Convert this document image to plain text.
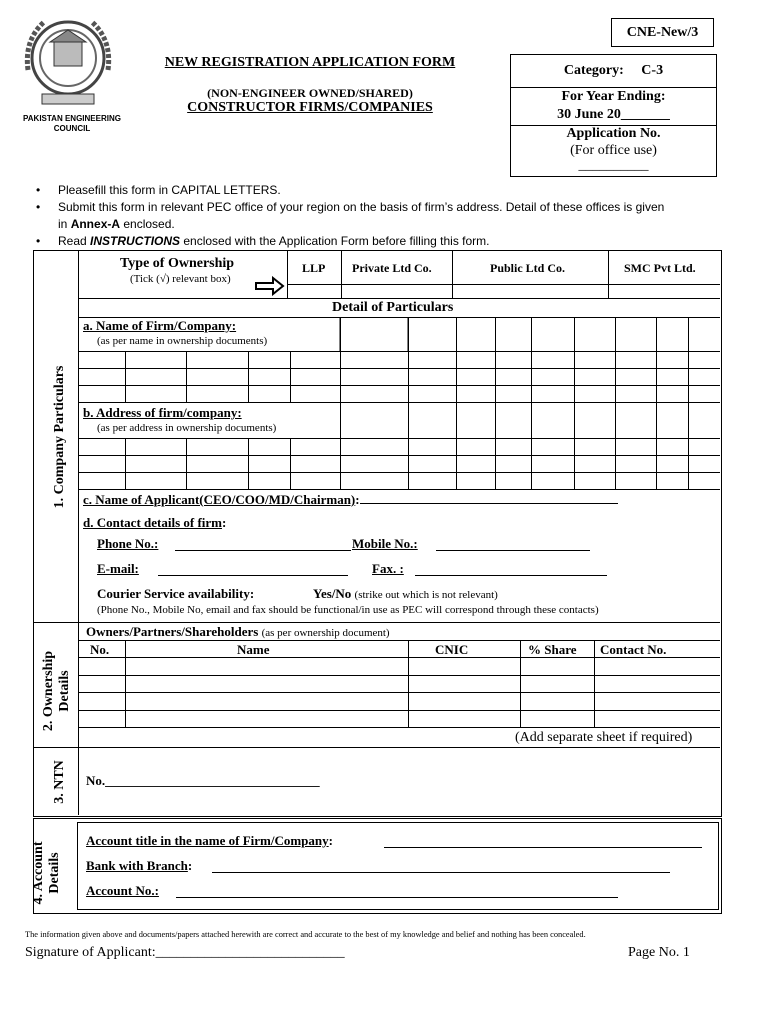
PAKISTAN ENGINEERING COUNCIL
CNE-New/3
NEW REGISTRATION APPLICATION FORM
(NON-ENGINEER OWNED/SHARED)
CONSTRUCTOR FIRMS/COMPANIES
Category: C-3
For Year Ending:
30 June 20_______
Application No.
(For office use)
__________
• Pleasefill this form in CAPITAL LETTERS.
• Submit this form in relevant PEC office of your region on the basis of firm’s address. Detail of these offices is given
in Annex-A enclosed.
• Read INSTRUCTIONS enclosed with the Application Form before filling this form.
1. Company Particulars
2. Ownership Details
3. NTN
4. Account Details
Type of Ownership
(Tick (√) relevant box)
LLP Private Ltd Co.	Public Ltd Co.	SMC Pvt Ltd.
Detail of Particulars
a. Name of Firm/Company:
(as per name in ownership documents)
b. Address of firm/company:
(as per address in ownership documents)
c. Name of Applicant(CEO/COO/MD/Chairman):
d. Contact details of firm:
Phone No.:	Mobile No.:
E-mail:	Fax. :
Courier Service availability:	Yes/No (strike out which is not relevant)
(Phone No., Mobile No, email and fax should be functional/in use as PEC will correspond through these contacts)
Owners/Partners/Shareholders (as per ownership document)
No.	Name	CNIC	% Share Contact No.
(Add separate sheet if required)
No._________________________________
Account title in the name of Firm/Company:
Bank with Branch:
Account No.:
The information given above and documents/papers attached herewith are correct and accurate to the best of my knowledge and belief and nothing has been concealed.
Signature of Applicant:___________________________	Page No. 1
